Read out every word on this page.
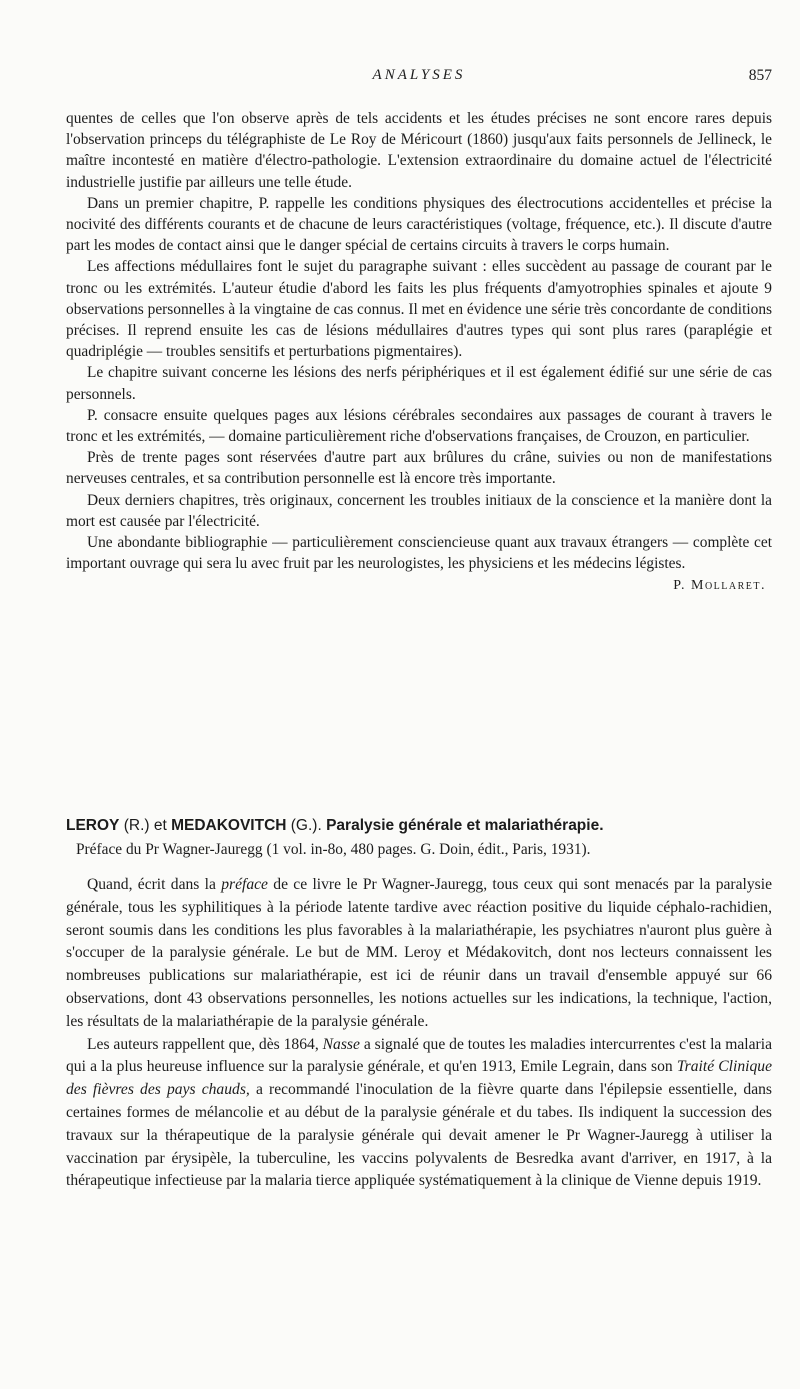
ANALYSES	857

quentes de celles que l'on observe après de tels accidents et les études précises ne sont encore rares depuis l'observation princeps du télégraphiste de Le Roy de Méricourt (1860) jusqu'aux faits personnels de Jellineck, le maître incontesté en matière d'électro-pathologie. L'extension extraordinaire du domaine actuel de l'électricité industrielle justifie par ailleurs une telle étude.

Dans un premier chapitre, P. rappelle les conditions physiques des électrocutions accidentelles et précise la nocivité des différents courants et de chacune de leurs caractéristiques (voltage, fréquence, etc.). Il discute d'autre part les modes de contact ainsi que le danger spécial de certains circuits à travers le corps humain.

Les affections médullaires font le sujet du paragraphe suivant : elles succèdent au passage de courant par le tronc ou les extrémités. L'auteur étudie d'abord les faits les plus fréquents d'amyotrophies spinales et ajoute 9 observations personnelles à la vingtaine de cas connus. Il met en évidence une série très concordante de conditions précises. Il reprend ensuite les cas de lésions médullaires d'autres types qui sont plus rares (paraplégie et quadriplégie — troubles sensitifs et perturbations pigmentaires).

Le chapitre suivant concerne les lésions des nerfs périphériques et il est également édifié sur une série de cas personnels.

P. consacre ensuite quelques pages aux lésions cérébrales secondaires aux passages de courant à travers le tronc et les extrémités, — domaine particulièrement riche d'observations françaises, de Crouzon, en particulier.

Près de trente pages sont réservées d'autre part aux brûlures du crâne, suivies ou non de manifestations nerveuses centrales, et sa contribution personnelle est là encore très importante.

Deux derniers chapitres, très originaux, concernent les troubles initiaux de la conscience et la manière dont la mort est causée par l'électricité.

Une abondante bibliographie — particulièrement consciencieuse quant aux travaux étrangers — complète cet important ouvrage qui sera lu avec fruit par les neurologistes, les physiciens et les médecins légistes.

P. Mollaret.
LEROY (R.) et MEDAKOVITCH (G.). Paralysie générale et malariathérapie.

Préface du Pr Wagner-Jauregg (1 vol. in-8o, 480 pages. G. Doin, édit., Paris, 1931).

Quand, écrit dans la préface de ce livre le Pr Wagner-Jauregg, tous ceux qui sont menacés par la paralysie générale, tous les syphilitiques à la période latente tardive avec réaction positive du liquide céphalo-rachidien, seront soumis dans les conditions les plus favorables à la malariathérapie, les psychiatres n'auront plus guère à s'occuper de la paralysie générale. Le but de MM. Leroy et Médakovitch, dont nos lecteurs connaissent les nombreuses publications sur malariathérapie, est ici de réunir dans un travail d'ensemble appuyé sur 66 observations, dont 43 observations personnelles, les notions actuelles sur les indications, la technique, l'action, les résultats de la malariathérapie de la paralysie générale.

Les auteurs rappellent que, dès 1864, Nasse a signalé que de toutes les maladies intercurrentes c'est la malaria qui a la plus heureuse influence sur la paralysie générale, et qu'en 1913, Emile Legrain, dans son Traité Clinique des fièvres des pays chauds, a recommandé l'inoculation de la fièvre quarte dans l'épilepsie essentielle, dans certaines formes de mélancolie et au début de la paralysie générale et du tabes. Ils indiquent la succession des travaux sur la thérapeutique de la paralysie générale qui devait amener le Pr Wagner-Jauregg à utiliser la vaccination par érysipèle, la tuberculine, les vaccins polyvalents de Besredka avant d'arriver, en 1917, à la thérapeutique infectieuse par la malaria tierce appliquée systématiquement à la clinique de Vienne depuis 1919.
